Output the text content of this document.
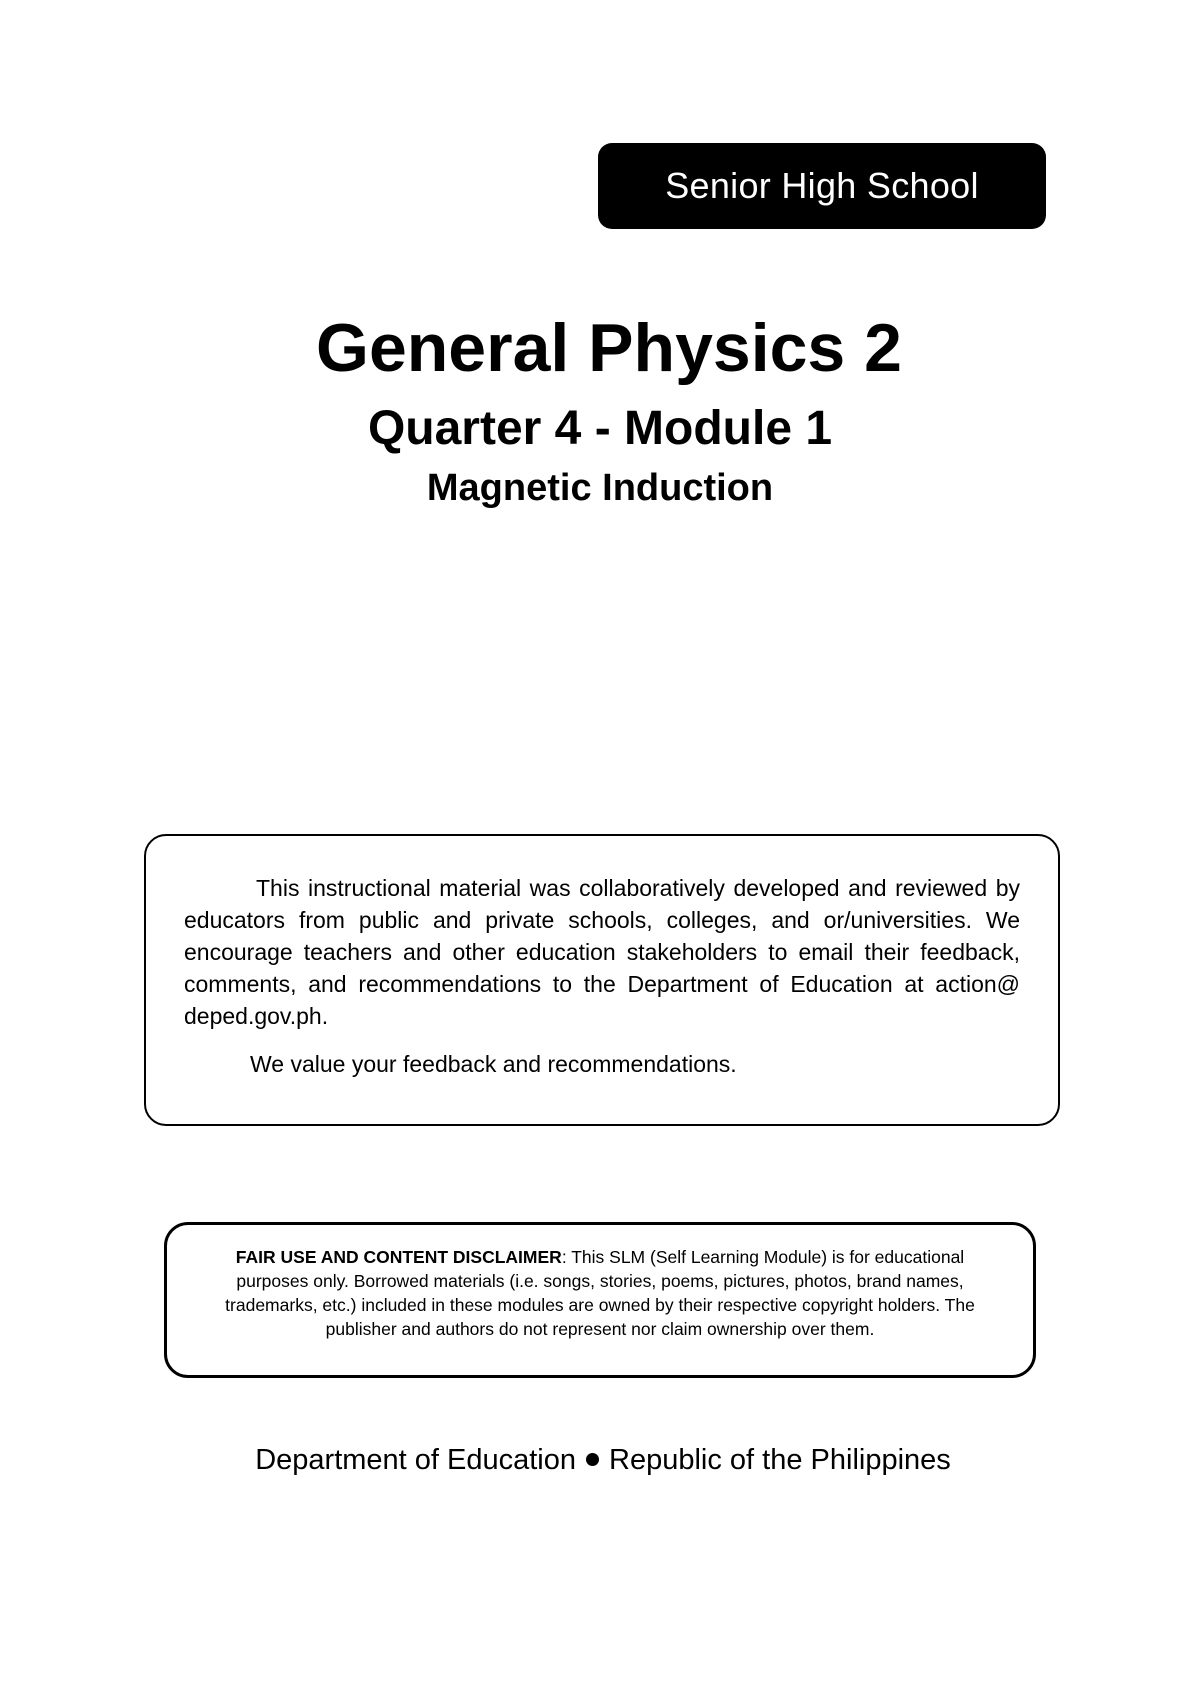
Senior High School
General Physics 2
Quarter 4 - Module 1
Magnetic Induction

This instructional material was collaboratively developed and reviewed by educators from public and private schools, colleges, and or/universities. We encourage teachers and other education stakeholders to email their feedback, comments, and recommendations to the Department of Education at action@ deped.gov.ph.

We value your feedback and recommendations.

FAIR USE AND CONTENT DISCLAIMER: This SLM (Self Learning Module) is for educational purposes only. Borrowed materials (i.e. songs, stories, poems, pictures, photos, brand names, trademarks, etc.) included in these modules are owned by their respective copyright holders. The publisher and authors do not represent nor claim ownership over them.
Department of Education Republic of the Philippines
